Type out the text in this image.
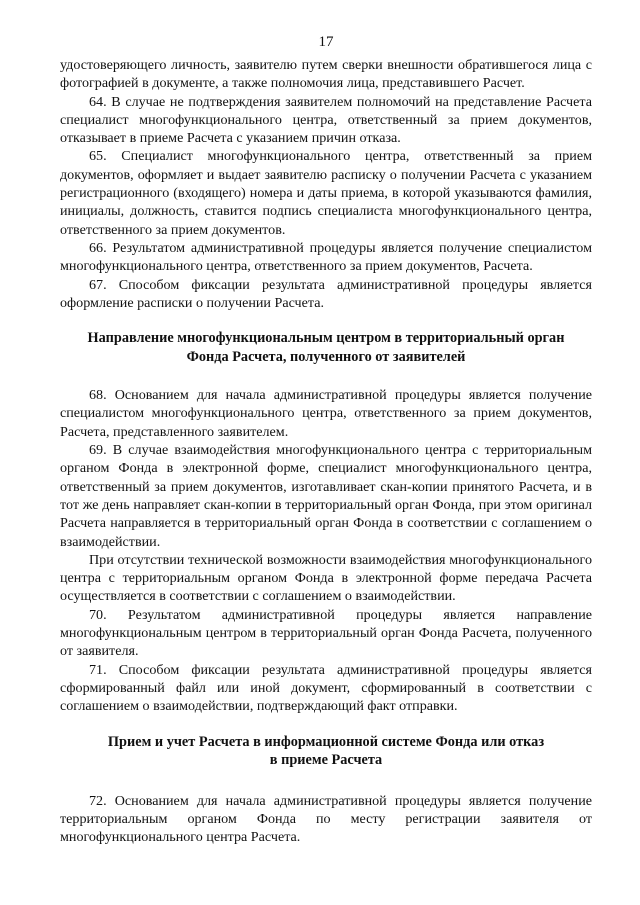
17

удостоверяющего личность, заявителю путем сверки внешности обратившегося лица с фотографией в документе, а также полномочия лица, представившего Расчет.

64. В случае не подтверждения заявителем полномочий на представление Расчета специалист многофункционального центра, ответственный за прием документов, отказывает в приеме Расчета с указанием причин отказа.

65. Специалист многофункционального центра, ответственный за прием документов, оформляет и выдает заявителю расписку о получении Расчета с указанием регистрационного (входящего) номера и даты приема, в которой указываются фамилия, инициалы, должность, ставится подпись специалиста многофункционального центра, ответственного за прием документов.

66. Результатом административной процедуры является получение специалистом многофункционального центра, ответственного за прием документов, Расчета.

67. Способом фиксации результата административной процедуры является оформление расписки о получении Расчета.

Направление многофункциональным центром в территориальный орган
Фонда Расчета, полученного от заявителей

68. Основанием для начала административной процедуры является получение специалистом многофункционального центра, ответственного за прием документов, Расчета, представленного заявителем.

69. В случае взаимодействия многофункционального центра с территориальным органом Фонда в электронной форме, специалист многофункционального центра, ответственный за прием документов, изготавливает скан-копии принятого Расчета, и в тот же день направляет скан-копии в территориальный орган Фонда, при этом оригинал Расчета направляется в территориальный орган Фонда в соответствии с соглашением о взаимодействии.

При отсутствии технической возможности взаимодействия многофункционального центра с территориальным органом Фонда в электронной форме передача Расчета осуществляется в соответствии с соглашением о взаимодействии.

70. Результатом административной процедуры является направление многофункциональным центром в территориальный орган Фонда Расчета, полученного от заявителя.

71. Способом фиксации результата административной процедуры является сформированный файл или иной документ, сформированный в соответствии с соглашением о взаимодействии, подтверждающий факт отправки.

Прием и учет Расчета в информационной системе Фонда или отказ
в приеме Расчета

72. Основанием для начала административной процедуры является получение территориальным органом Фонда по месту регистрации заявителя от многофункционального центра Расчета.
